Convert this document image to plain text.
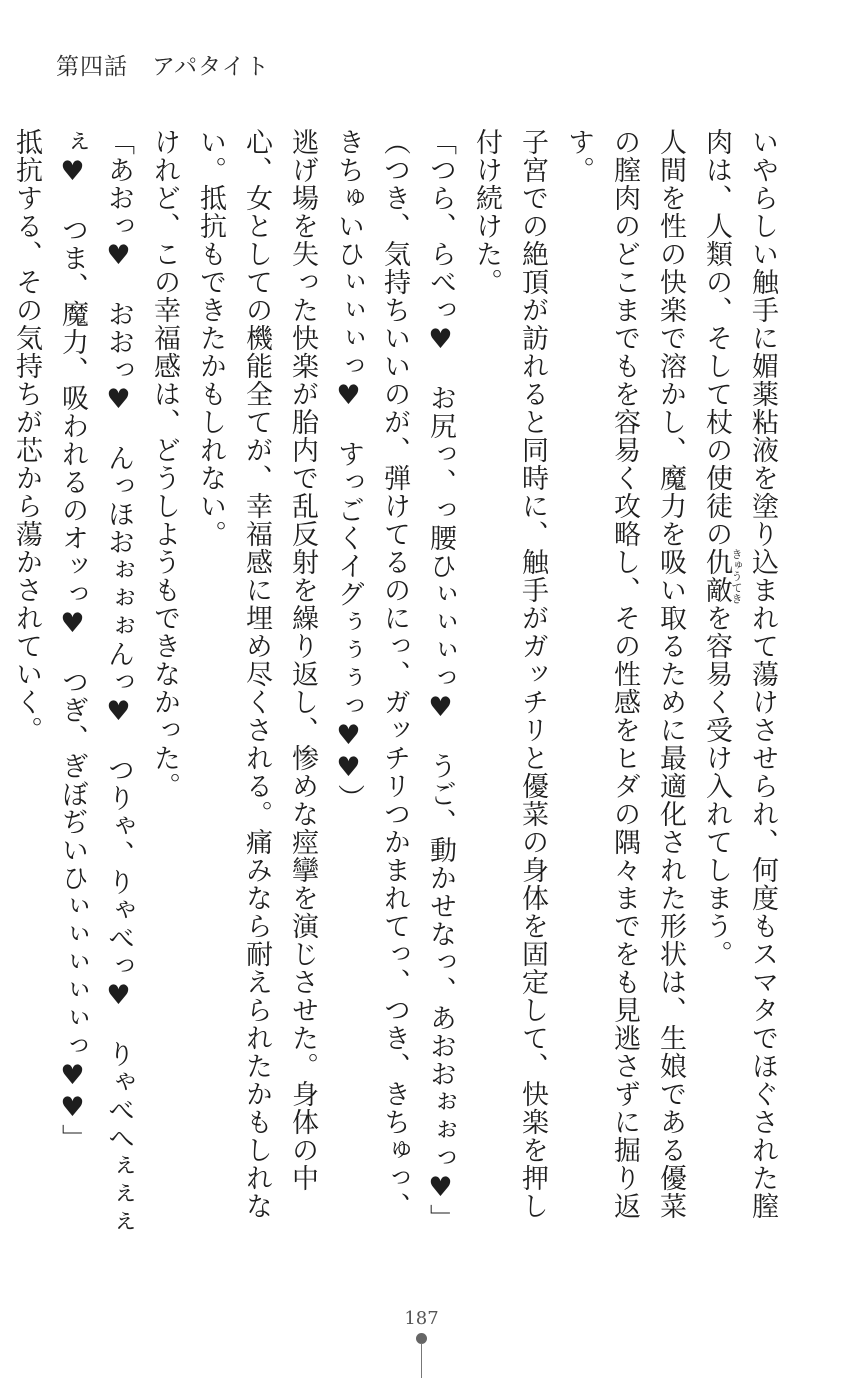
第四話　 アパタイト

いやらしい触手に媚薬粘液を塗り込まれて蕩けさせられ、何度もスマタでほぐされた膣肉は、人類の、そして杖の使徒の仇敵きゅうてきを容易く受け入れてしまう。

人間を性の快楽で溶かし、魔力を吸い取るために最適化された形状は、生娘である優菜の膣肉のどこまでもを容易く攻略し、その性感をヒダの隅々までをも見逃さずに掘り返す。

子宮での絶頂が訪れると同時に、触手がガッチリと優菜の身体を固定して、快楽を押し付け続けた。

「つら、らべっ♥　お尻っ、っ腰ひぃぃぃっ♥　うご、動かせなっ、あおおぉぉっ♥」

（つき、気持ちいいのが、弾けてるのにっ、ガッチリつかまれてっ、つき、きちゅっ、きちゅいひぃぃぃっ♥　すっごくイグぅぅぅっ♥♥）

逃げ場を失った快楽が胎内で乱反射を繰り返し、惨めな痙攣を演じさせた。身体の中心、女としての機能全てが、幸福感に埋め尽くされる。痛みなら耐えられたかもしれない。抵抗もできたかもしれない。

けれど、この幸福感は、どうしようもできなかった。

「あおっ♥　おおっ♥　んっほおぉぉぉんっ♥　つりゃ、りゃべっ♥　りゃべへぇぇぇぇ♥　つま、魔力、吸われるのオッっ♥　つぎ、ぎぼぢいひぃぃぃぃぃっ♥♥」

抵抗する、その気持ちが芯から蕩かされていく。

187
